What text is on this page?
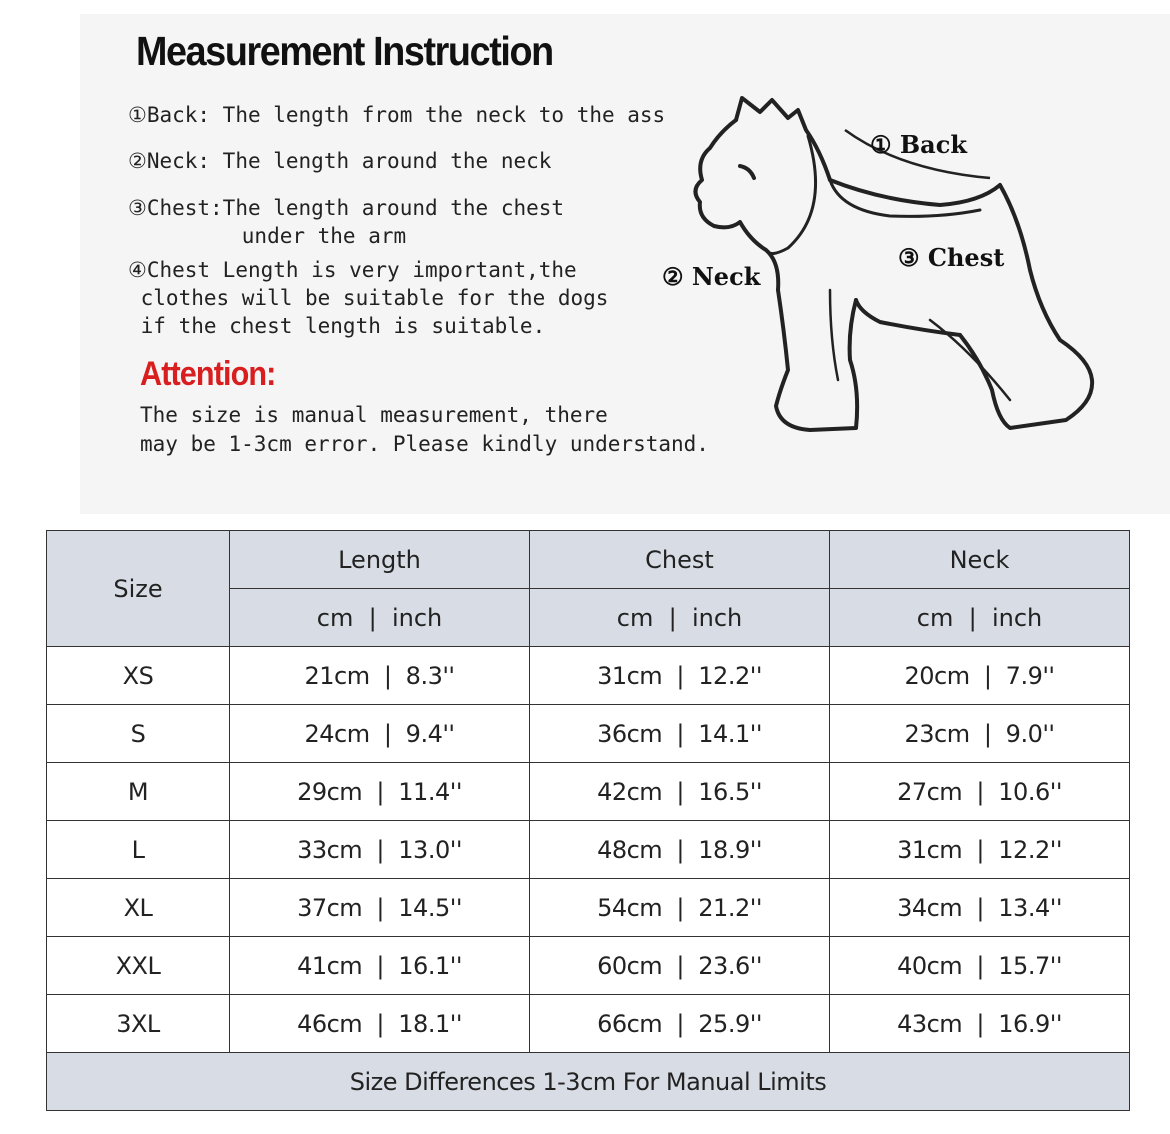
Measurement Instruction
①Back: The length from the neck to the ass
②Neck: The length around the neck
③Chest:The length around the chest
under the arm
④Chest Length is very important,the
clothes will be suitable for the dogs
if the chest length is suitable.
Attention:
The size is manual measurement, there
may be 1-3cm error. Please kindly understand.
① Back
③ Chest
② Neck
Size	Length	Chest	Neck
	cm  |  inch	cm  |  inch	cm  |  inch
XS	21cm  |  8.3''	31cm  |  12.2''	20cm  |  7.9''
S	24cm  |  9.4''	36cm  |  14.1''	23cm  |  9.0''
M	29cm  |  11.4''	42cm  |  16.5''	27cm  |  10.6''
L	33cm  |  13.0''	48cm  |  18.9''	31cm  |  12.2''
XL	37cm  |  14.5''	54cm  |  21.2''	34cm  |  13.4''
XXL	41cm  |  16.1''	60cm  |  23.6''	40cm  |  15.7''
3XL	46cm  |  18.1''	66cm  |  25.9''	43cm  |  16.9''
Size Differences 1-3cm For Manual Limits			
